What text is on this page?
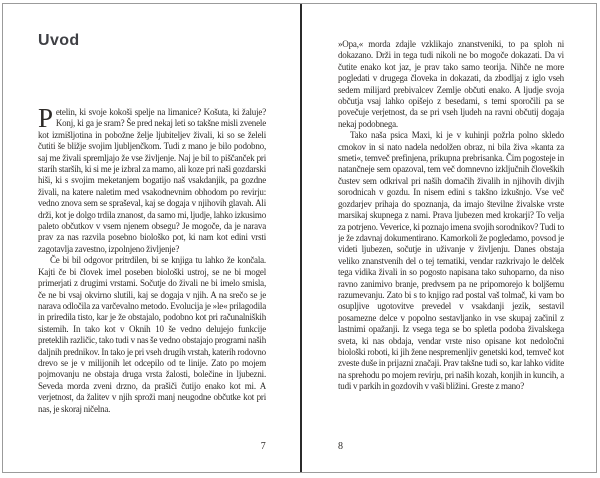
Uvod

Petelin, ki svoje kokoši spelje na limanice? Košuta, ki žaluje? Konj, ki ga je sram? Še pred nekaj leti so takšne misli zvenele kot izmišljotina in pobožne želje ljubiteljev živali, ki so se želeli čutiti še bližje svojim ljubljenčkom. Tudi z mano je bilo podobno, saj me živali spremljajo že vse življenje. Naj je bil to piščanček pri starih starših, ki si me je izbral za mamo, ali koze pri naši gozdarski hiši, ki s svojim meketanjem bogatijo naš vsakdanjik, pa gozdne živali, na katere naletim med vsakodnevnim obhodom po revirju: vedno znova sem se spraševal, kaj se dogaja v njihovih glavah. Ali drži, kot je dolgo trdila znanost, da samo mi, ljudje, lahko izkusimo paleto občutkov v vsem njenem obsegu? Je mogoče, da je narava prav za nas razvila posebno biološko pot, ki nam kot edini vrsti zagotavlja zavestno, izpolnjeno življenje?

Če bi bil odgovor pritrdilen, bi se knjiga tu lahko že končala. Kajti če bi človek imel poseben biološki ustroj, se ne bi mogel primerjati z drugimi vrstami. Sočutje do živali ne bi imelo smisla, če ne bi vsaj okvirno slutili, kaj se dogaja v njih. A na srečo se je narava odločila za varčevalno metodo. Evolucija je »le« prilagodila in priredila tisto, kar je že obstajalo, podobno kot pri računalniških sistemih. In tako kot v Oknih 10 še vedno delujejo funkcije preteklih različic, tako tudi v nas še vedno obstajajo programi naših daljnih prednikov. In tako je pri vseh drugih vrstah, katerih rodovno drevo se je v milijonih let odcepilo od te linije. Zato po mojem pojmovanju ne obstaja druga vrsta žalosti, bolečine in ljubezni. Seveda morda zveni drzno, da prašiči čutijo enako kot mi. A verjetnost, da žalitev v njih sproži manj neugodne občutke kot pri nas, je skoraj ničelna.

7

»Opa,« morda zdajle vzklikajo znanstveniki, to pa sploh ni dokazano. Drži in tega tudi nikoli ne bo mogoče dokazati. Da vi čutite enako kot jaz, je prav tako samo teorija. Nihče ne more pogledati v drugega človeka in dokazati, da zbodljaj z iglo vseh sedem milijard prebivalcev Zemlje občuti enako. A ljudje svoja občutja vsaj lahko opišejo z besedami, s temi sporočili pa se povečuje verjetnost, da se pri vseh ljudeh na ravni občutij dogaja nekaj podobnega.

Tako naša psica Maxi, ki je v kuhinji požrla polno skledo cmokov in si nato nadela nedolžen obraz, ni bila živa »kanta za smeti«, temveč prefinjena, prikupna prebrisanka. Čim pogosteje in natančneje sem opazoval, tem več domnevno izključnih človeških čustev sem odkrival pri naših domačih živalih in njihovih divjih sorodnicah v gozdu. In nisem edini s takšno izkušnjo. Vse več gozdarjev prihaja do spoznanja, da imajo številne živalske vrste marsikaj skupnega z nami. Prava ljubezen med krokarji? To velja za potrjeno. Veverice, ki poznajo imena svojih sorodnikov? Tudi to je že zdavnaj dokumentirano. Kamorkoli že pogledamo, povsod je videti ljubezen, sočutje in uživanje v življenju. Danes obstaja veliko znanstvenih del o tej tematiki, vendar razkrivajo le delček tega vidika živali in so pogosto napisana tako suhoparno, da niso ravno zanimivo branje, predvsem pa ne pripomorejo k boljšemu razumevanju. Zato bi s to knjigo rad postal vaš tolmač, ki vam bo osupljive ugotovitve prevedel v vsakdanji jezik, sestavil posamezne delce v popolno sestavljanko in vse skupaj začinil z lastnimi opažanji. Iz vsega tega se bo spletla podoba živalskega sveta, ki nas obdaja, vendar vrste niso opisane kot nedoločni biološki roboti, ki jih žene nespremenljiv genetski kod, temveč kot zveste duše in prijazni značaji. Prav takšne tudi so, kar lahko vidite na sprehodu po mojem revirju, pri naših kozah, konjih in kuncih, a tudi v parkih in gozdovih v vaši bližini. Greste z mano?

8
